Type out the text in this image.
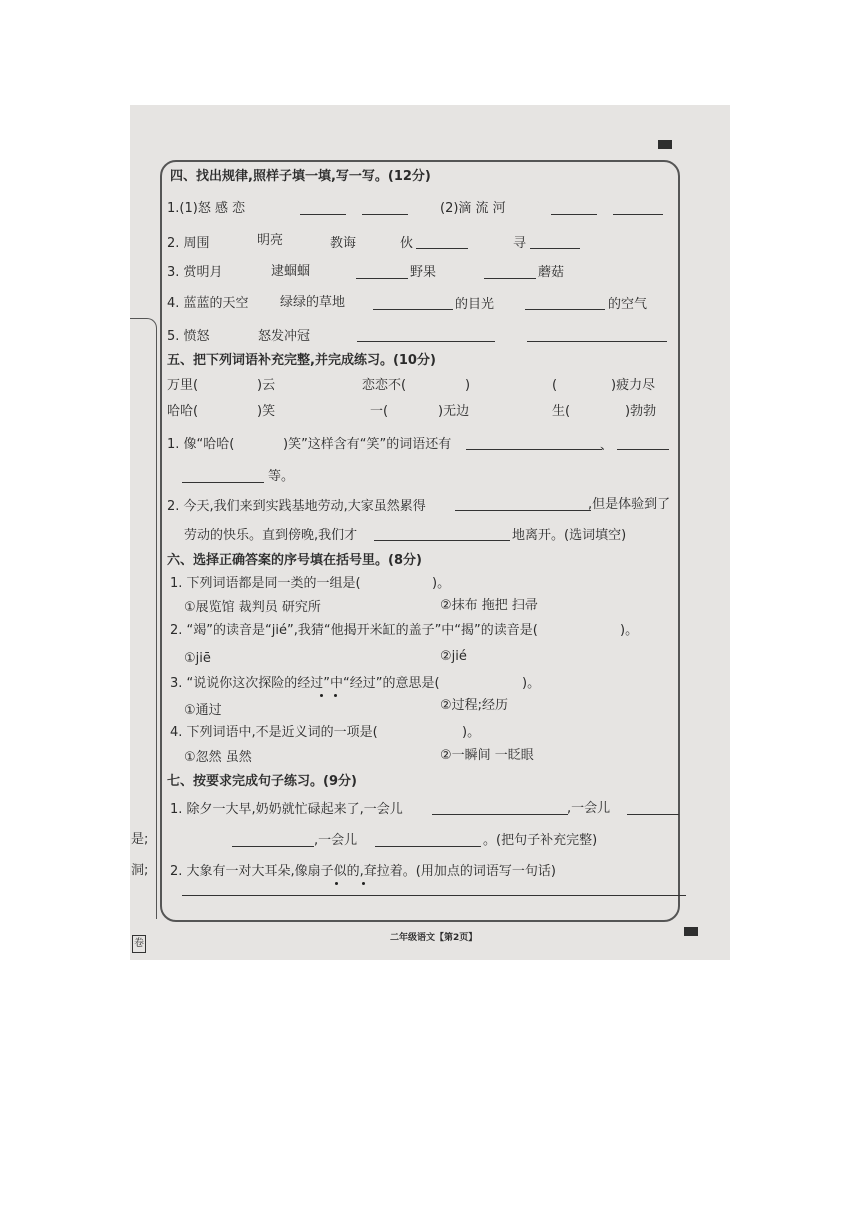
是;
洞;
卷
四、找出规律,照样子填一填,写一写。(12分)
1.(1)怒 感 恋	(2)滴 流 河
2. 周围	明亮	教诲	伙	寻
3. 赏明月	逮蝈蝈	野果	蘑菇
4. 蓝蓝的天空 绿绿的草地	的目光	的空气
5. 愤怒	怒发冲冠
五、把下列词语补充完整,并完成练习。(10分)
万里(	)云	恋恋不(	)	(	)疲力尽
哈哈(	)笑	一(	)无边	生(	)勃勃
1. 像“哈哈(	)笑”这样含有“笑”的词语还有	、
等。
2. 今天,我们来到实践基地劳动,大家虽然累得	,但是体验到了
劳动的快乐。直到傍晚,我们才	地离开。(选词填空)
六、选择正确答案的序号填在括号里。(8分)
1. 下列词语都是同一类的一组是(	)。
①展览馆 裁判员 研究所	②抹布 拖把 扫帚
2. “竭”的读音是“jié”,我猜“他揭开米缸的盖子”中“揭”的读音是(	)。
①jiē	②jié
3. “说说你这次探险的经过”中“经过”的意思是(	)。
①通过	②过程;经历
4. 下列词语中,不是近义词的一项是(	)。
①忽然 虽然	②一瞬间 一眨眼
七、按要求完成句子练习。(9分)
1. 除夕一大早,奶奶就忙碌起来了,一会儿	,一会儿
,一会儿	。(把句子补充完整)
2. 大象有一对大耳朵,像扇子似的,耷拉着。(用加点的词语写一句话)
二年级语文【第2页】
